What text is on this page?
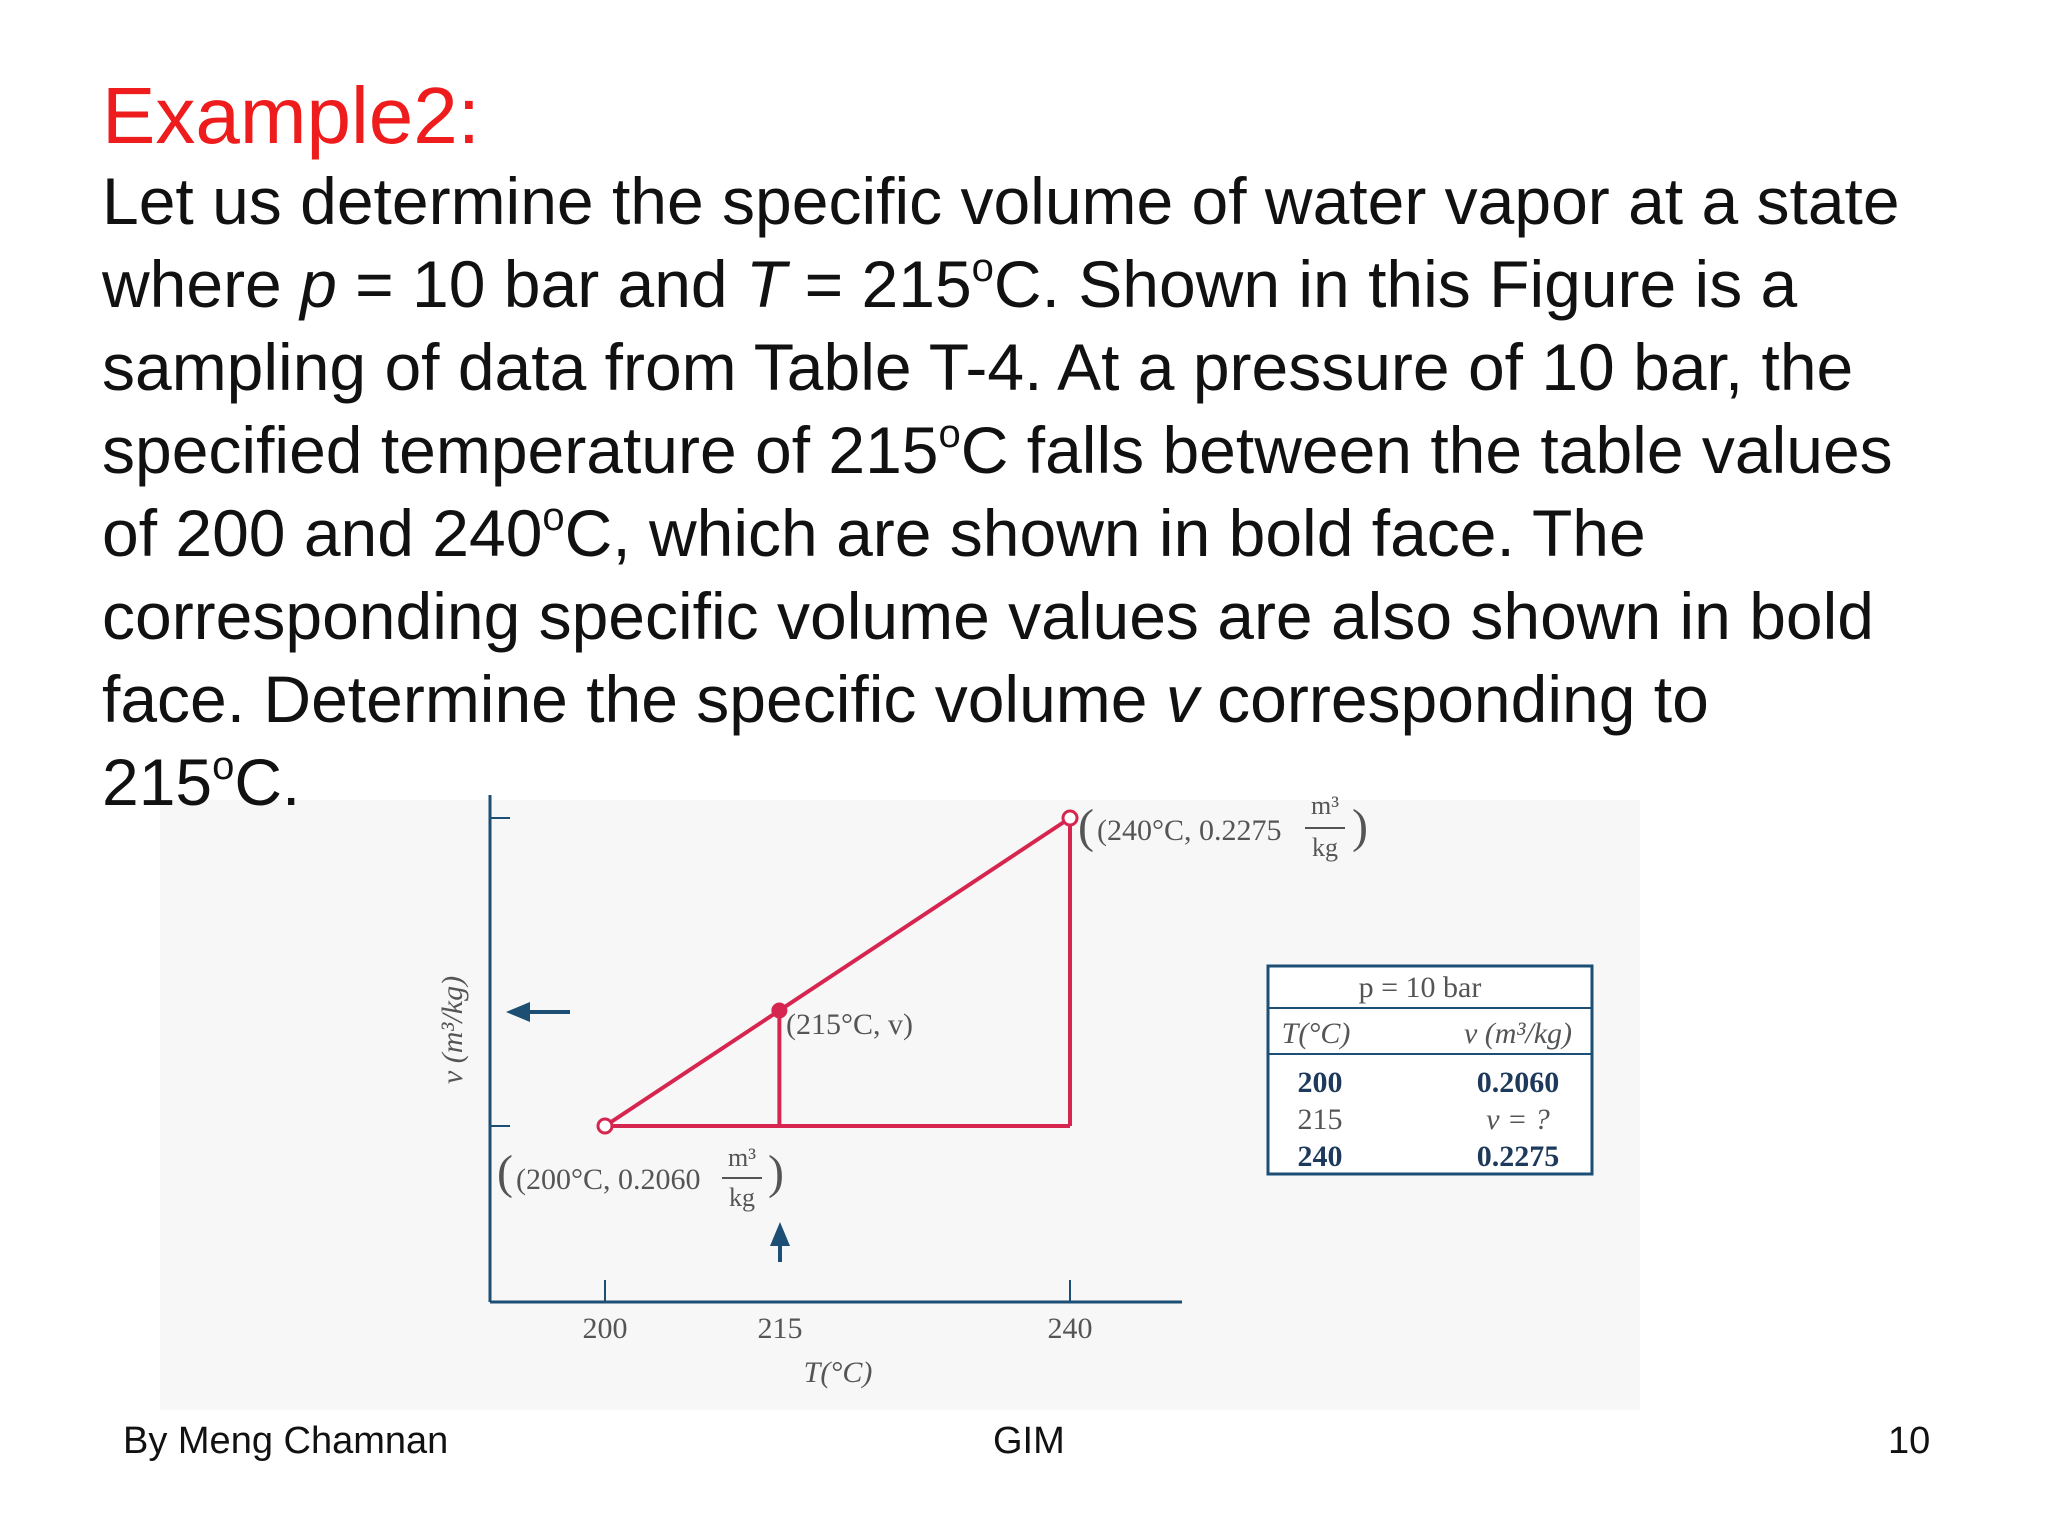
Example2:
Let us determine the specific volume of water vapor at a state
where p = 10 bar and $T = 215^oC$. Shown in this Figure is a
sampling of data from Table T-4. At a pressure of 10 bar, the
specified temperature of 215$^o$C falls between the table values
of 200 and 240$^o$C, which are shown in bold face. The
corresponding specific volume values are also shown in bold
face. Determine the specific volume v corresponding to
215$^o$C.
200	215	240
T(°C)
v (m³/kg)	(215°C, v)
( (200°C, 0.2060
m³
kg )
( (240°C, 0.2275
m³
kg )
p = 10 bar
T(°C)	v (m³/kg)
200	0.2060
215	v = ?
240	0.2275
By Meng Chamnan	GIM	10
